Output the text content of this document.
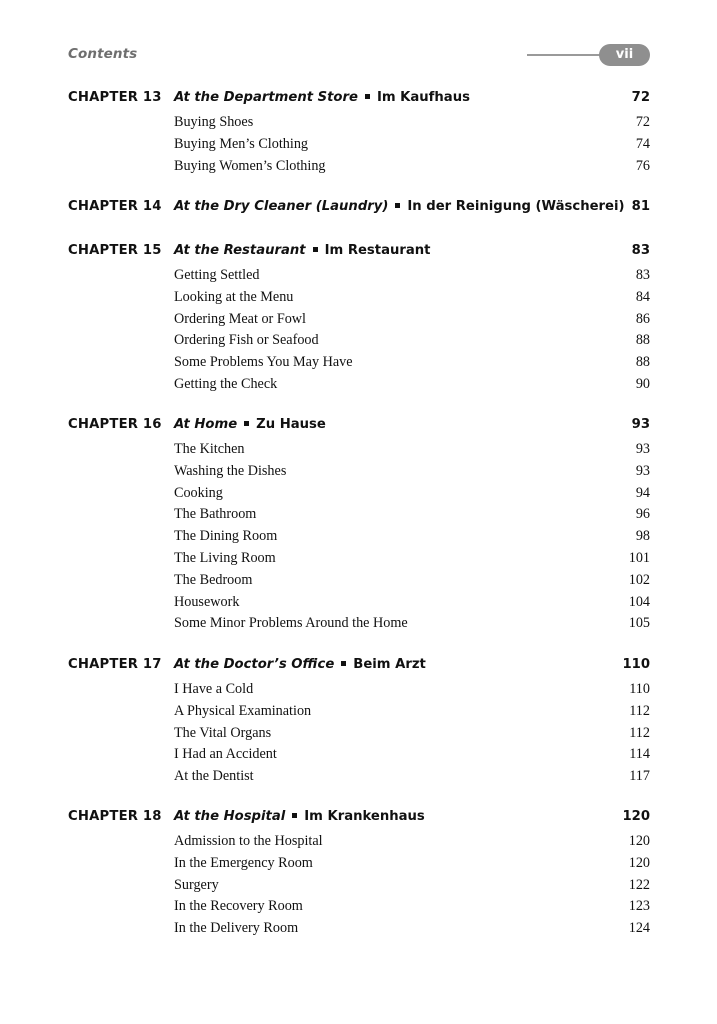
Contents	vii
CHAPTER 13 At the Department Store Im Kaufhaus	72
Buying Shoes	72
Buying Men’s Clothing	74
Buying Women’s Clothing	76
CHAPTER 14 At the Dry Cleaner (Laundry) In der Reinigung (Wäscherei) 81
CHAPTER 15 At the Restaurant Im Restaurant	83
Getting Settled	83
Looking at the Menu	84
Ordering Meat or Fowl	86
Ordering Fish or Seafood	88
Some Problems You May Have	88
Getting the Check	90
CHAPTER 16 At Home Zu Hause	93
The Kitchen	93
Washing the Dishes	93
Cooking	94
The Bathroom	96
The Dining Room	98
The Living Room	101
The Bedroom	102
Housework	104
Some Minor Problems Around the Home	105
CHAPTER 17 At the Doctor’s Office Beim Arzt	110
I Have a Cold	110
A Physical Examination	112
The Vital Organs	112
I Had an Accident	114
At the Dentist	117
CHAPTER 18 At the Hospital Im Krankenhaus	120
Admission to the Hospital	120
In the Emergency Room	120
Surgery	122
In the Recovery Room	123
In the Delivery Room	124
